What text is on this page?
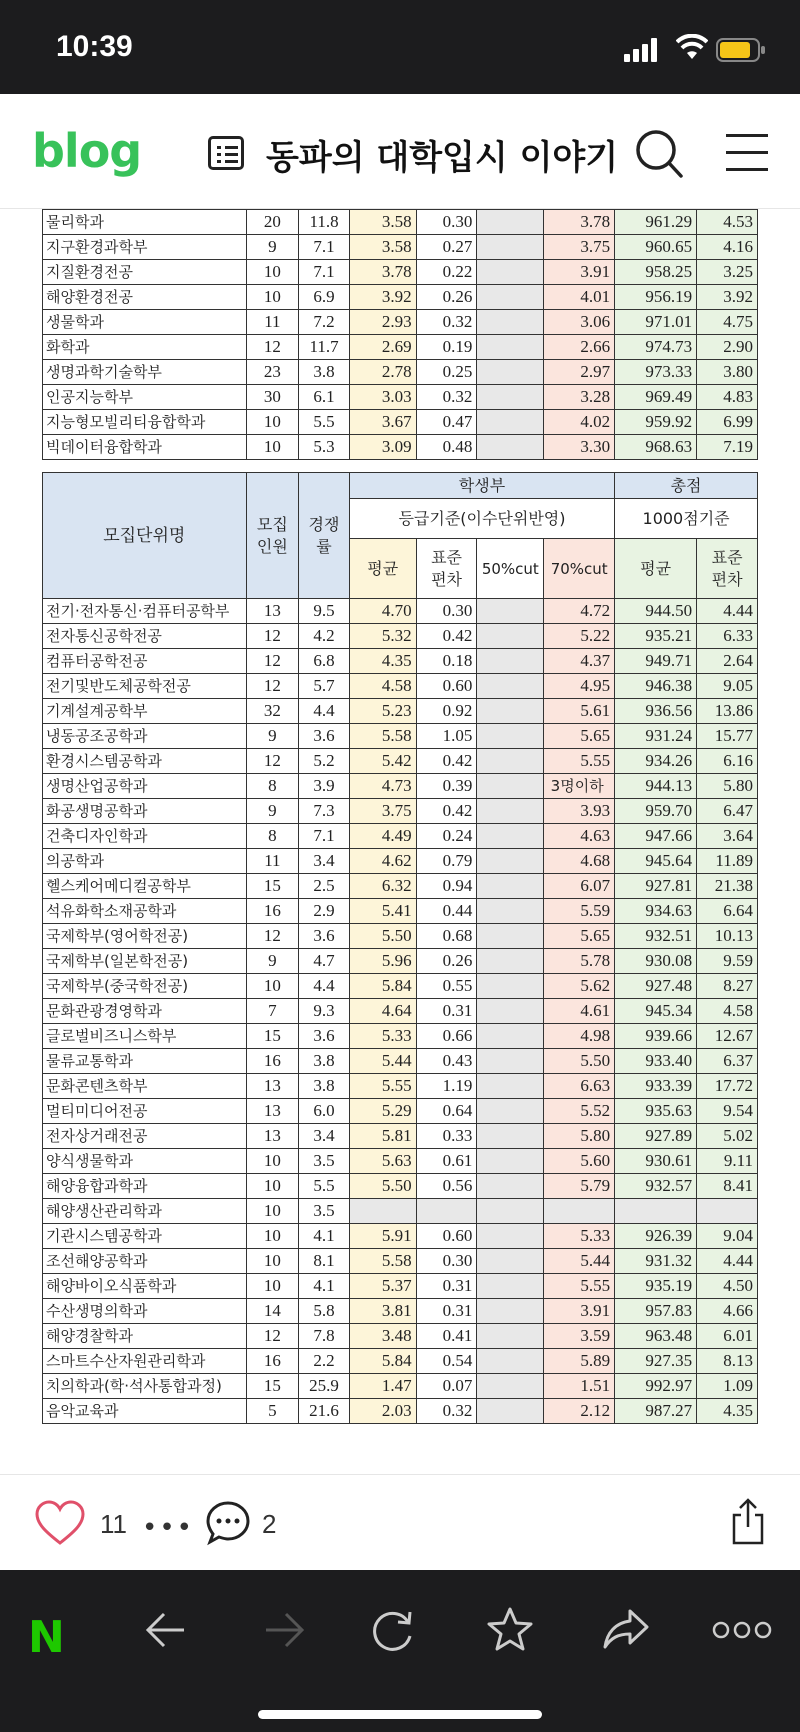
10:39
blog	동파의 대학입시 이야기
물리학과	20	11.8	3.58	0.30		3.78	961.29	4.53
지구환경과학부	9	7.1	3.58	0.27		3.75	960.65	4.16
지질환경전공	10	7.1	3.78	0.22		3.91	958.25	3.25
해양환경전공	10	6.9	3.92	0.26		4.01	956.19	3.92
생물학과	11	7.2	2.93	0.32		3.06	971.01	4.75
화학과	12	11.7	2.69	0.19		2.66	974.73	2.90
생명과학기술학부	23	3.8	2.78	0.25		2.97	973.33	3.80
인공지능학부	30	6.1	3.03	0.32		3.28	969.49	4.83
지능형모빌리티융합학과	10	5.5	3.67	0.47		4.02	959.92	6.99
빅데이터융합학과	10	5.3	3.09	0.48		3.30	968.63	7.19
모집단위명	모집인원	경쟁률	학생부				총점	
			등급기준(이수단위반영)				1000점기준	
			평균	표준편차	50%cut	70%cut	평균	표준편차
전기·전자통신·컴퓨터공학부	13	9.5	4.70	0.30		4.72	944.50	4.44
전자통신공학전공	12	4.2	5.32	0.42		5.22	935.21	6.33
컴퓨터공학전공	12	6.8	4.35	0.18		4.37	949.71	2.64
전기및반도체공학전공	12	5.7	4.58	0.60		4.95	946.38	9.05
기계설계공학부	32	4.4	5.23	0.92		5.61	936.56	13.86
냉동공조공학과	9	3.6	5.58	1.05		5.65	931.24	15.77
환경시스템공학과	12	5.2	5.42	0.42		5.55	934.26	6.16
생명산업공학과	8	3.9	4.73	0.39		3명이하	944.13	5.80
화공생명공학과	9	7.3	3.75	0.42		3.93	959.70	6.47
건축디자인학과	8	7.1	4.49	0.24		4.63	947.66	3.64
의공학과	11	3.4	4.62	0.79		4.68	945.64	11.89
헬스케어메디컬공학부	15	2.5	6.32	0.94		6.07	927.81	21.38
석유화학소재공학과	16	2.9	5.41	0.44		5.59	934.63	6.64
국제학부(영어학전공)	12	3.6	5.50	0.68		5.65	932.51	10.13
국제학부(일본학전공)	9	4.7	5.96	0.26		5.78	930.08	9.59
국제학부(중국학전공)	10	4.4	5.84	0.55		5.62	927.48	8.27
문화관광경영학과	7	9.3	4.64	0.31		4.61	945.34	4.58
글로벌비즈니스학부	15	3.6	5.33	0.66		4.98	939.66	12.67
물류교통학과	16	3.8	5.44	0.43		5.50	933.40	6.37
문화콘텐츠학부	13	3.8	5.55	1.19		6.63	933.39	17.72
멀티미디어전공	13	6.0	5.29	0.64		5.52	935.63	9.54
전자상거래전공	13	3.4	5.81	0.33		5.80	927.89	5.02
양식생물학과	10	3.5	5.63	0.61		5.60	930.61	9.11
해양융합과학과	10	5.5	5.50	0.56		5.79	932.57	8.41
해양생산관리학과	10	3.5						
기관시스템공학과	10	4.1	5.91	0.60		5.33	926.39	9.04
조선해양공학과	10	8.1	5.58	0.30		5.44	931.32	4.44
해양바이오식품학과	10	4.1	5.37	0.31		5.55	935.19	4.50
수산생명의학과	14	5.8	3.81	0.31		3.91	957.83	4.66
해양경찰학과	12	7.8	3.48	0.41		3.59	963.48	6.01
스마트수산자원관리학과	16	2.2	5.84	0.54		5.89	927.35	8.13
치의학과(학·석사통합과정)	15	25.9	1.47	0.07		1.51	992.97	1.09
음악교육과	5	21.6	2.03	0.32		2.12	987.27	4.35
11 •••	2
N
